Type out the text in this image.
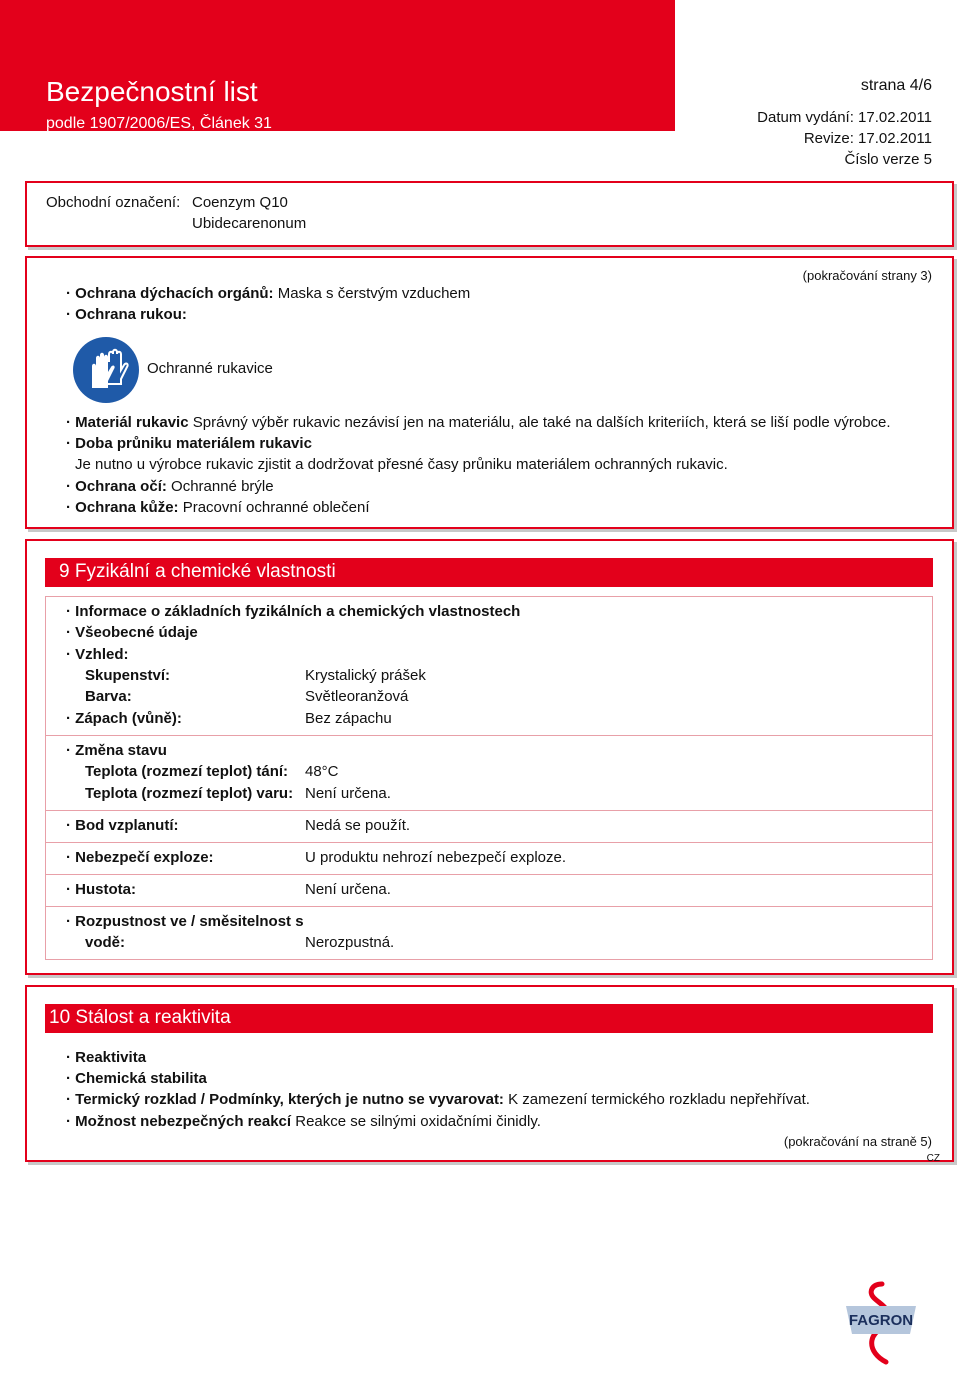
Bezpečnostní list
podle 1907/2006/ES, Článek 31
strana 4/6
Datum vydání: 17.02.2011
Revize: 17.02.2011
Číslo verze 5
Obchodní označení: Coenzym Q10
Ubidecarenonum
(pokračování strany 3)
· Ochrana dýchacích orgánů: Maska s čerstvým vzduchem
· Ochrana rukou:
Ochranné rukavice
· Materiál rukavic Správný výběr rukavic nezávisí jen na materiálu, ale také na dalších kriteriích, která se liší podle výrobce.
· Doba průniku materiálem rukavic
Je nutno u výrobce rukavic zjistit a dodržovat přesné časy průniku materiálem ochranných rukavic.
· Ochrana očí: Ochranné brýle
· Ochrana kůže: Pracovní ochranné oblečení
9 Fyzikální a chemické vlastnosti
· Informace o základních fyzikálních a chemických vlastnostech
· Všeobecné údaje
· Vzhled:
Skupenství:	Krystalický prášek
Barva:	Světleoranžová
· Zápach (vůně):	Bez zápachu
· Změna stavu
Teplota (rozmezí teplot) tání: 48°C
Teplota (rozmezí teplot) varu: Není určena.
· Bod vzplanutí:	Nedá se použít.
· Nebezpečí exploze:	U produktu nehrozí nebezpečí exploze.
· Hustota:	Není určena.
· Rozpustnost ve / směsitelnost s
vodě:	Nerozpustná.
10 Stálost a reaktivita
· Reaktivita
· Chemická stabilita
· Termický rozklad / Podmínky, kterých je nutno se vyvarovat: K zamezení termického rozkladu nepřehřívat.
· Možnost nebezpečných reakcí Reakce se silnými oxidačními činidly.
(pokračování na straně 5)
CZ
FAGRON
